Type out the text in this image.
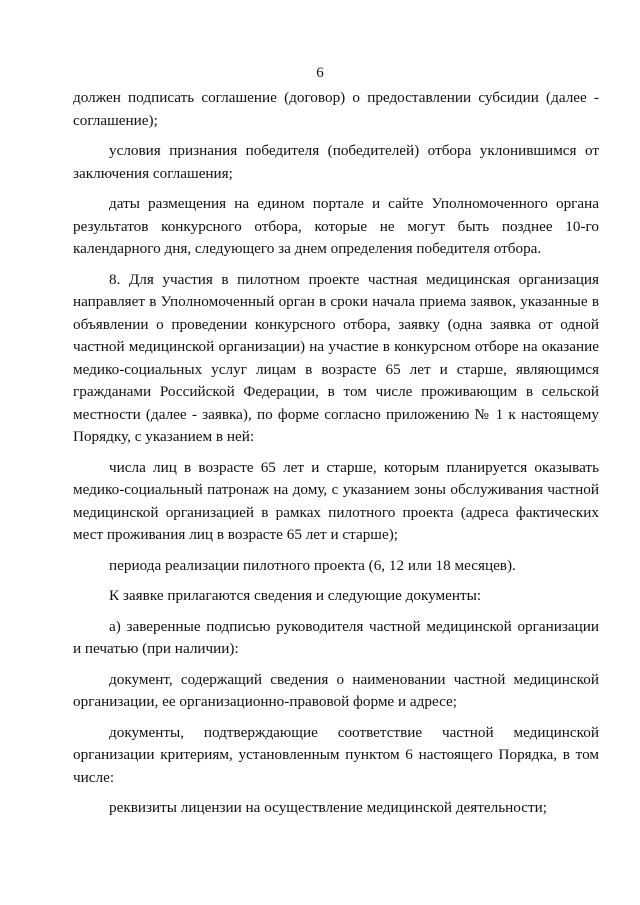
6

должен подписать соглашение (договор) о предоставлении субсидии (далее - соглашение);

условия признания победителя (победителей) отбора уклонившимся от заключения соглашения;

даты размещения на едином портале и сайте Уполномоченного органа результатов конкурсного отбора, которые не могут быть позднее 10-го календарного дня, следующего за днем определения победителя отбора.

8. Для участия в пилотном проекте частная медицинская организация направляет в Уполномоченный орган в сроки начала приема заявок, указанные в объявлении о проведении конкурсного отбора, заявку (одна заявка от одной частной медицинской организации) на участие в конкурсном отборе на оказание медико-социальных услуг лицам в возрасте 65 лет и старше, являющимся гражданами Российской Федерации, в том числе проживающим в сельской местности (далее - заявка), по форме согласно приложению № 1 к настоящему Порядку, с указанием в ней:

числа лиц в возрасте 65 лет и старше, которым планируется оказывать медико-социальный патронаж на дому, с указанием зоны обслуживания частной медицинской организацией в рамках пилотного проекта (адреса фактических мест проживания лиц в возрасте 65 лет и старше);

периода реализации пилотного проекта (6, 12 или 18 месяцев).

К заявке прилагаются сведения и следующие документы:

а) заверенные подписью руководителя частной медицинской организации и печатью (при наличии):

документ, содержащий сведения о наименовании частной медицинской организации, ее организационно-правовой форме и адресе;

документы, подтверждающие соответствие частной медицинской организации критериям, установленным пунктом 6 настоящего Порядка, в том числе:

реквизиты лицензии на осуществление медицинской деятельности;
